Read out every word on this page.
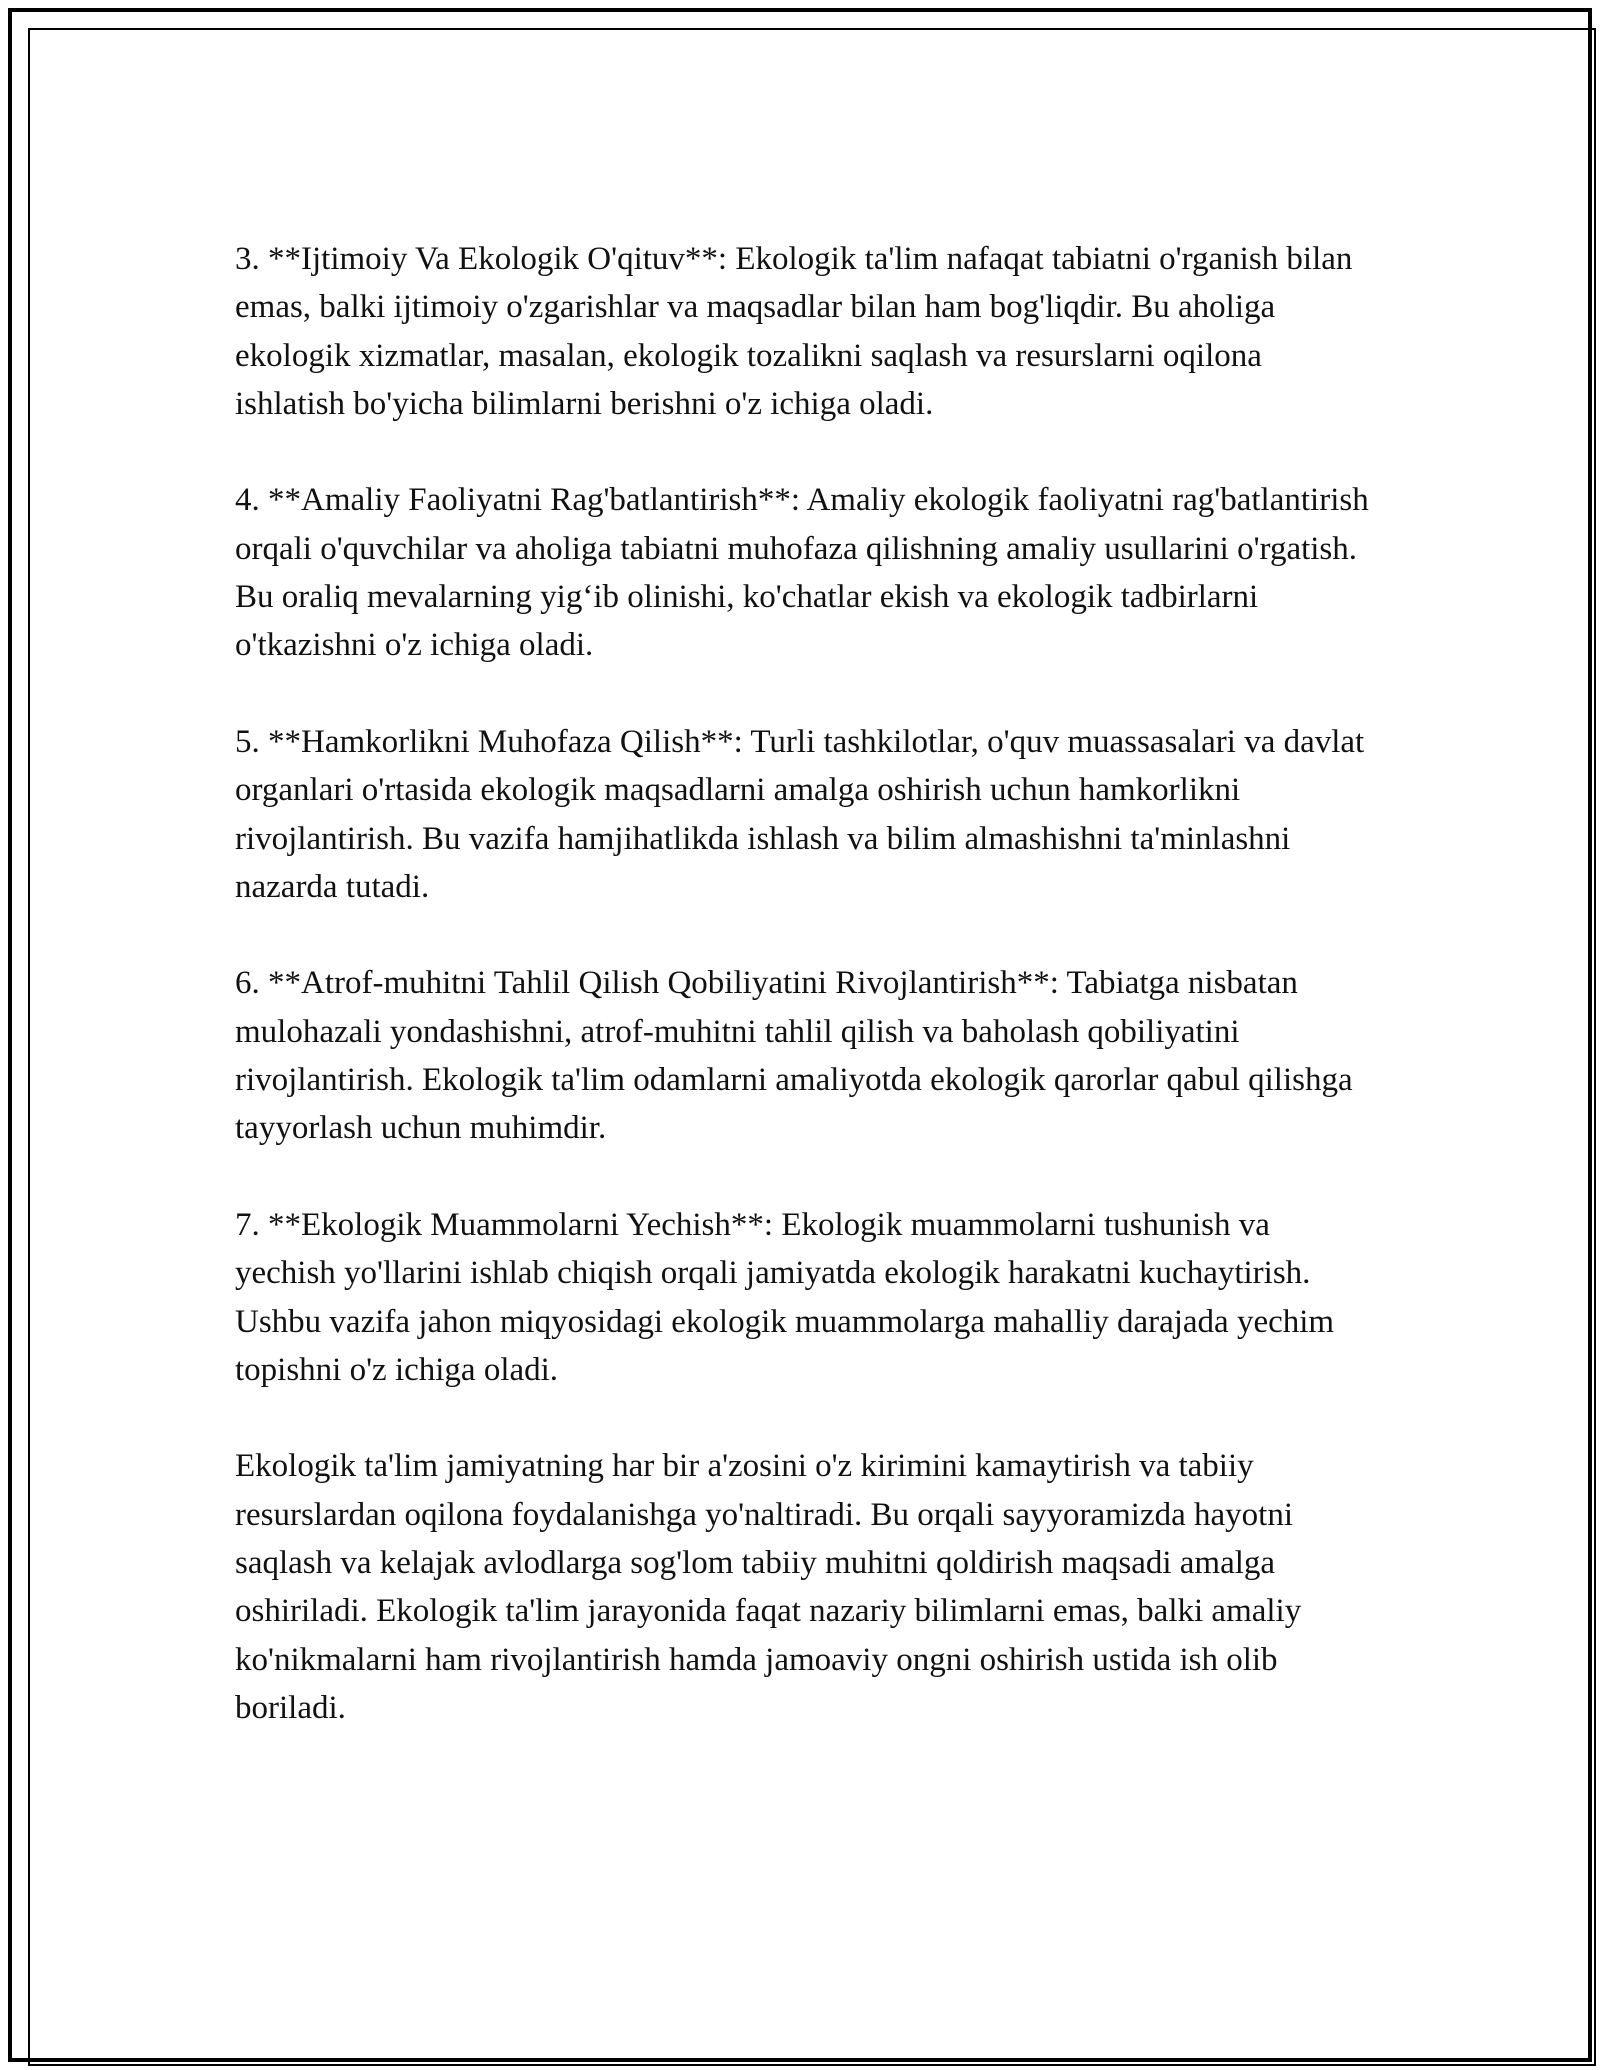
3. **Ijtimoiy Va Ekologik O'qituv**: Ekologik ta'lim nafaqat tabiatni o'rganish bilan emas, balki ijtimoiy o'zgarishlar va maqsadlar bilan ham bog'liqdir. Bu aholiga ekologik xizmatlar, masalan, ekologik tozalikni saqlash va resurslarni oqilona ishlatish bo'yicha bilimlarni berishni o'z ichiga oladi.

4. **Amaliy Faoliyatni Rag'batlantirish**: Amaliy ekologik faoliyatni rag'batlantirish orqali o'quvchilar va aholiga tabiatni muhofaza qilishning amaliy usullarini o'rgatish. Bu oraliq mevalarning yig‘ib olinishi, ko'chatlar ekish va ekologik tadbirlarni o'tkazishni o'z ichiga oladi.

5. **Hamkorlikni Muhofaza Qilish**: Turli tashkilotlar, o'quv muassasalari va davlat organlari o'rtasida ekologik maqsadlarni amalga oshirish uchun hamkorlikni rivojlantirish. Bu vazifa hamjihatlikda ishlash va bilim almashishni ta'minlashni nazarda tutadi.

6. **Atrof-muhitni Tahlil Qilish Qobiliyatini Rivojlantirish**: Tabiatga nisbatan mulohazali yondashishni, atrof-muhitni tahlil qilish va baholash qobiliyatini rivojlantirish. Ekologik ta'lim odamlarni amaliyotda ekologik qarorlar qabul qilishga tayyorlash uchun muhimdir.

7. **Ekologik Muammolarni Yechish**: Ekologik muammolarni tushunish va yechish yo'llarini ishlab chiqish orqali jamiyatda ekologik harakatni kuchaytirish. Ushbu vazifa jahon miqyosidagi ekologik muammolarga mahalliy darajada yechim topishni o'z ichiga oladi.

Ekologik ta'lim jamiyatning har bir a'zosini o'z kirimini kamaytirish va tabiiy resurslardan oqilona foydalanishga yo'naltiradi. Bu orqali sayyoramizda hayotni saqlash va kelajak avlodlarga sog'lom tabiiy muhitni qoldirish maqsadi amalga oshiriladi. Ekologik ta'lim jarayonida faqat nazariy bilimlarni emas, balki amaliy ko'nikmalarni ham rivojlantirish hamda jamoaviy ongni oshirish ustida ish olib boriladi.
